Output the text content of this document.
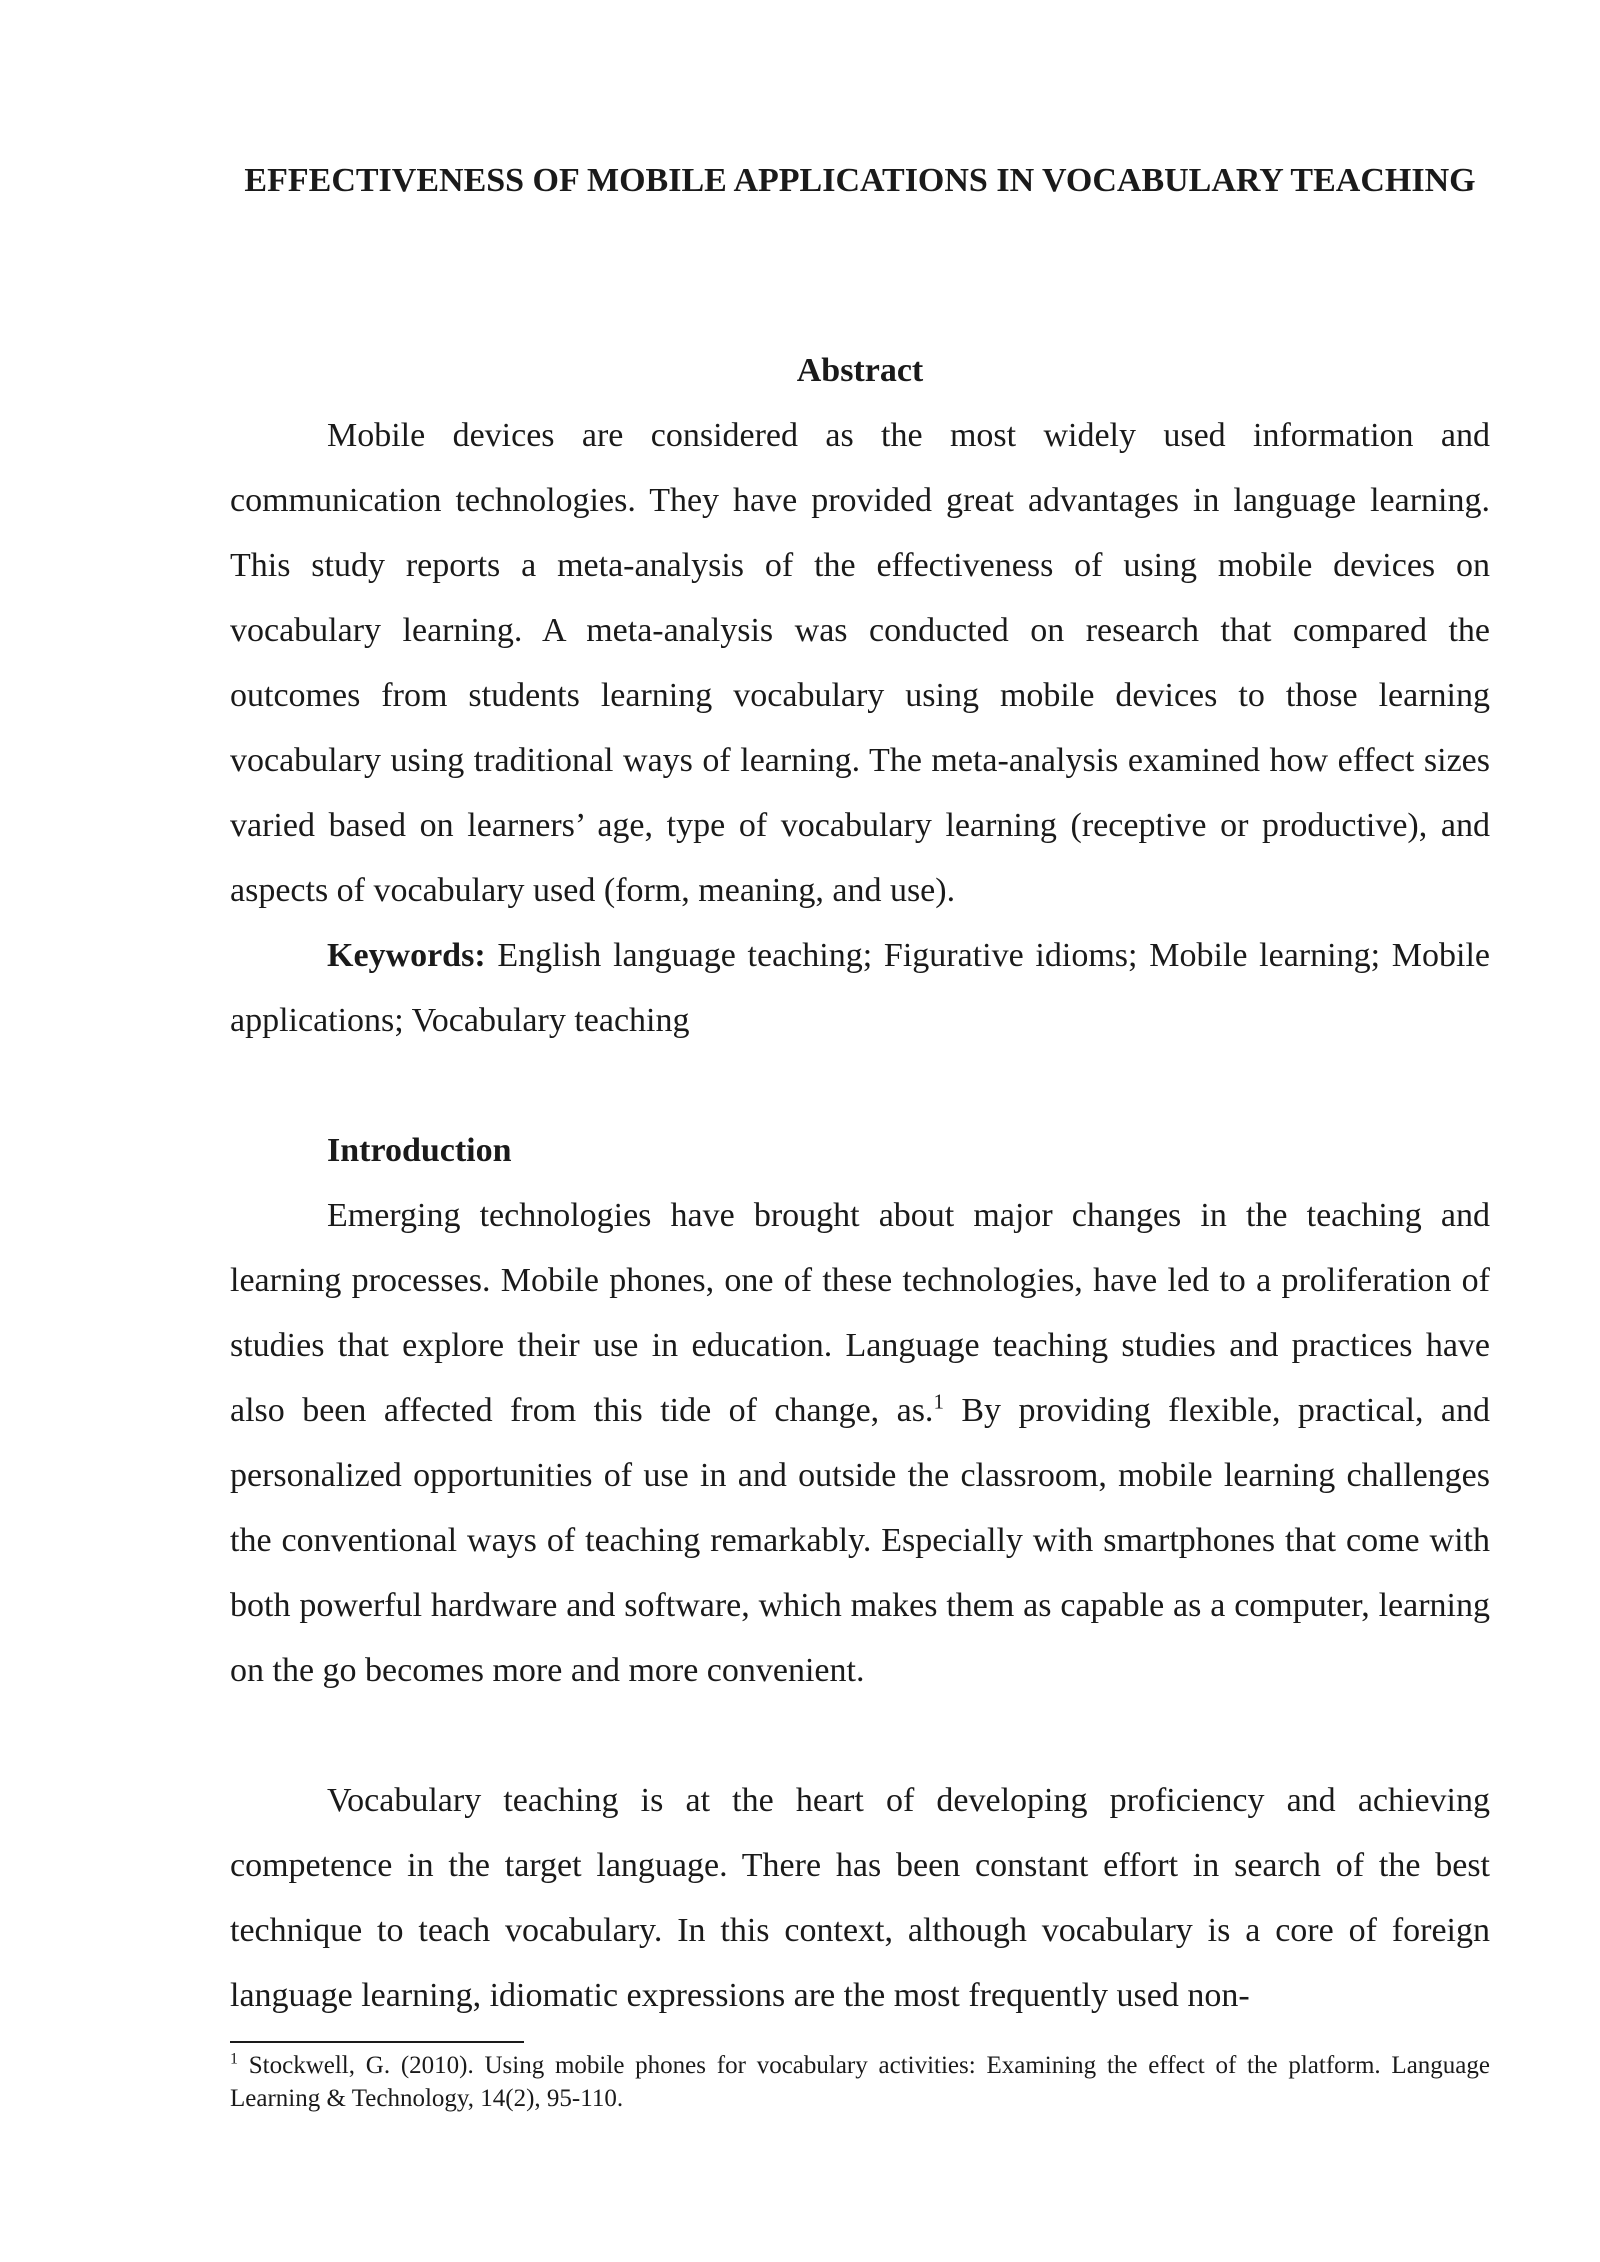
EFFECTIVENESS OF MOBILE APPLICATIONS IN VOCABULARY TEACHING
Abstract

Mobile devices are considered as the most widely used information and communication technologies. They have provided great advantages in language learning. This study reports a meta-analysis of the effectiveness of using mobile devices on vocabulary learning. A meta-analysis was conducted on research that compared the outcomes from students learning vocabulary using mobile devices to those learning vocabulary using traditional ways of learning. The meta-analysis examined how effect sizes varied based on learners’ age, type of vocabulary learning (receptive or productive), and aspects of vocabulary used (form, meaning, and use).

Keywords: English language teaching; Figurative idioms; Mobile learning; Mobile applications; Vocabulary teaching

Introduction

Emerging technologies have brought about major changes in the teaching and learning processes. Mobile phones, one of these technologies, have led to a proliferation of studies that explore their use in education. Language teaching studies and practices have also been affected from this tide of change, as.$^1$ By providing flexible, practical, and personalized opportunities of use in and outside the classroom, mobile learning challenges the conventional ways of teaching remarkably. Especially with smartphones that come with both powerful hardware and software, which makes them as capable as a computer, learning on the go becomes more and more convenient.

Vocabulary teaching is at the heart of developing proficiency and achieving competence in the target language. There has been constant effort in search of the best technique to teach vocabulary. In this context, although vocabulary is a core of foreign language learning, idiomatic expressions are the most frequently used non-

$^1$ Stockwell, G. (2010). Using mobile phones for vocabulary activities: Examining the effect of the platform. Language Learning & Technology, 14(2), 95-110.
